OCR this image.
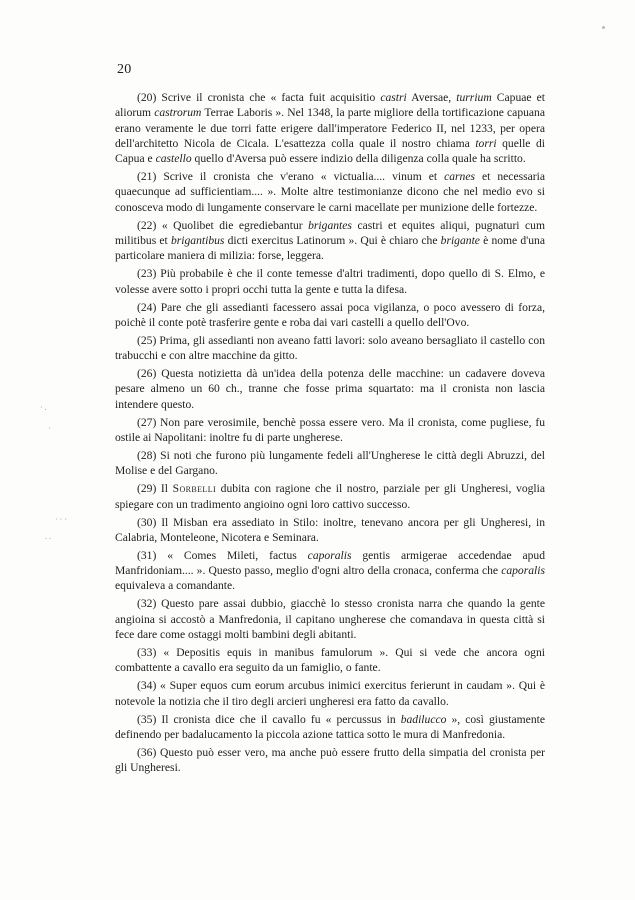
20
· .
·
· · ·
. .

(20) Scrive il cronista che « facta fuit acquisitio castri Aversae, turrium Capuae et aliorum castrorum Terrae Laboris ». Nel 1348, la parte migliore della tortificazione capuana erano veramente le due torri fatte erigere dall'imperatore Federico II, nel 1233, per opera dell'architetto Nicola de Cicala. L'esattezza colla quale il nostro chiama torri quelle di Capua e castello quello d'Aversa può essere indizio della diligenza colla quale ha scritto.

(21) Scrive il cronista che v'erano « victualia.... vinum et carnes et necessaria quaecunque ad sufficientiam.... ». Molte altre testimonianze dicono che nel medio evo si conosceva modo di lungamente conservare le carni macellate per munizione delle fortezze.

(22) « Quolibet die egrediebantur brigantes castri et equites aliqui, pugnaturi cum militibus et brigantibus dicti exercitus Latinorum ». Qui è chiaro che brigante è nome d'una particolare maniera di milizia: forse, leggera.

(23) Più probabile è che il conte temesse d'altri tradimenti, dopo quello di S. Elmo, e volesse avere sotto i propri occhi tutta la gente e tutta la difesa.

(24) Pare che gli assedianti facessero assai poca vigilanza, o poco avessero di forza, poichè il conte potè trasferire gente e roba dai vari castelli a quello dell'Ovo.

(25) Prima, gli assedianti non aveano fatti lavori: solo aveano bersagliato il castello con trabucchi e con altre macchine da gitto.

(26) Questa notizietta dà un'idea della potenza delle macchine: un cadavere doveva pesare almeno un 60 ch., tranne che fosse prima squartato: ma il cronista non lascia intendere questo.

(27) Non pare verosimile, benchè possa essere vero. Ma il cronista, come pugliese, fu ostile ai Napolitani: inoltre fu di parte ungherese.

(28) Si noti che furono più lungamente fedeli all'Ungherese le città degli Abruzzi, del Molise e del Gargano.

(29) Il Sorbelli dubita con ragione che il nostro, parziale per gli Ungheresi, voglia spiegare con un tradimento angioino ogni loro cattivo successo.

(30) Il Misban era assediato in Stilo: inoltre, tenevano ancora per gli Ungheresi, in Calabria, Monteleone, Nicotera e Seminara.

(31) « Comes Mileti, factus caporalis gentis armigerae accedendae apud Manfridoniam.... ». Questo passo, meglio d'ogni altro della cronaca, conferma che caporalis equivaleva a comandante.

(32) Questo pare assai dubbio, giacchè lo stesso cronista narra che quando la gente angioina si accostò a Manfredonia, il capitano ungherese che comandava in questa città si fece dare come ostaggi molti bambini degli abitanti.

(33) « Depositis equis in manibus famulorum ». Qui si vede che ancora ogni combattente a cavallo era seguito da un famiglio, o fante.

(34) « Super equos cum eorum arcubus inimici exercitus ferierunt in caudam ». Qui è notevole la notizia che il tiro degli arcieri ungheresi era fatto da cavallo.

(35) Il cronista dice che il cavallo fu « percussus in badilucco », così giustamente definendo per badalucamento la piccola azione tattica sotto le mura di Manfredonia.

(36) Questo può esser vero, ma anche può essere frutto della simpatia del cronista per gli Ungheresi.
